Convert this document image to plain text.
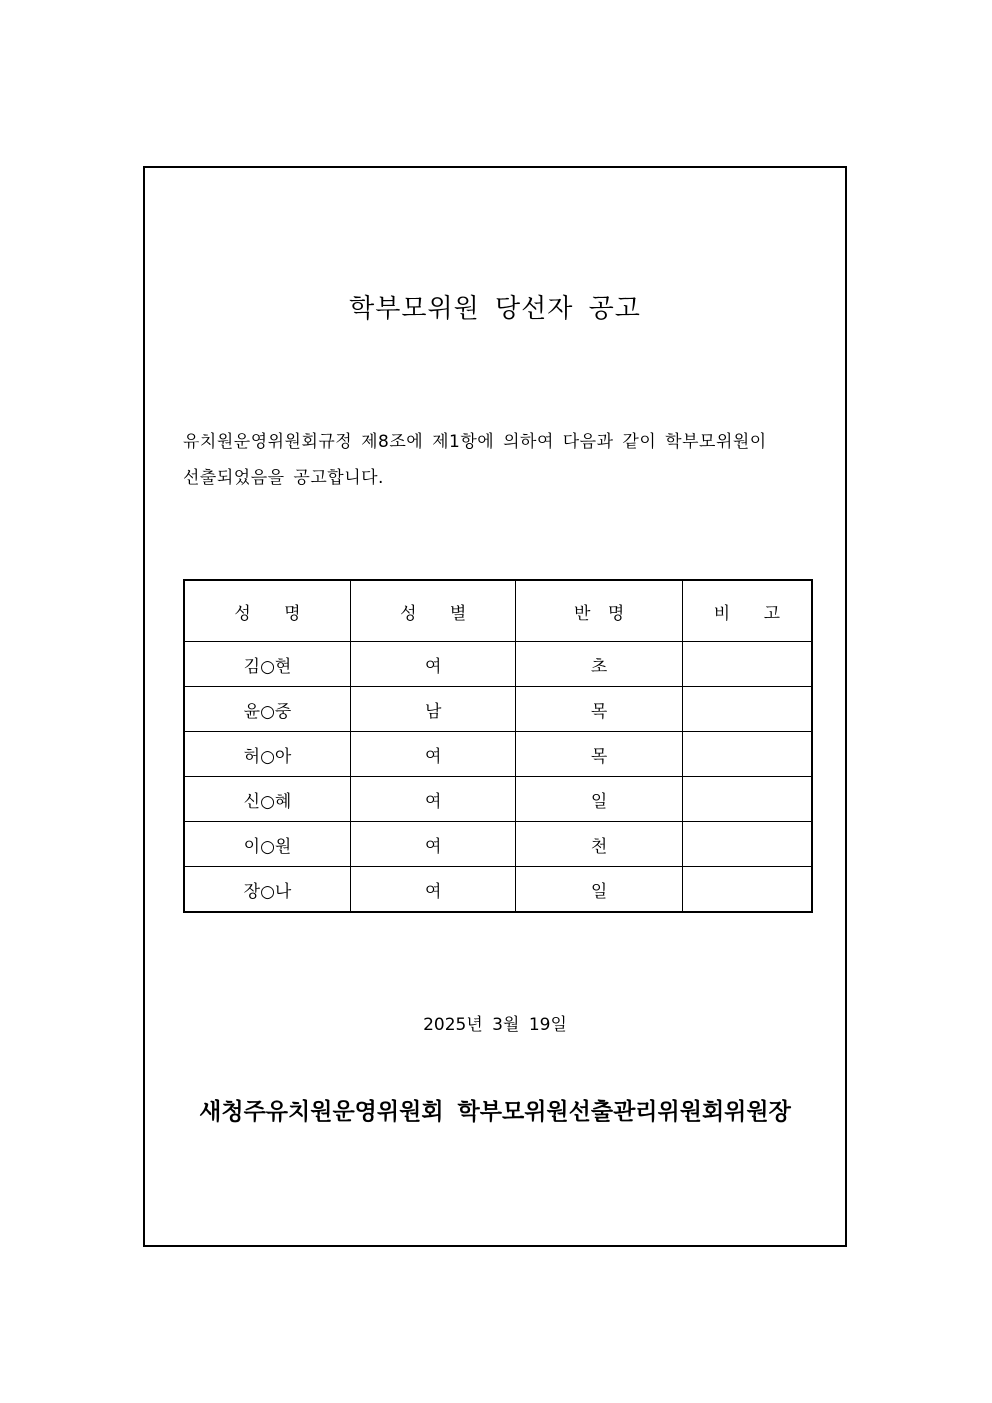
학부모위원 당선자 공고
유치원운영위원회규정 제8조에 제1항에 의하여 다음과 같이 학부모위원이
선출되었음을 공고합니다.
성 명	성 별	반 명	비 고
김○현	여	초	
윤○중	남	목	
허○아	여	목	
신○혜	여	일	
이○원	여	천	
장○나	여	일	
2025년 3월 19일
새청주유치원운영위원회 학부모위원선출관리위원회위원장
